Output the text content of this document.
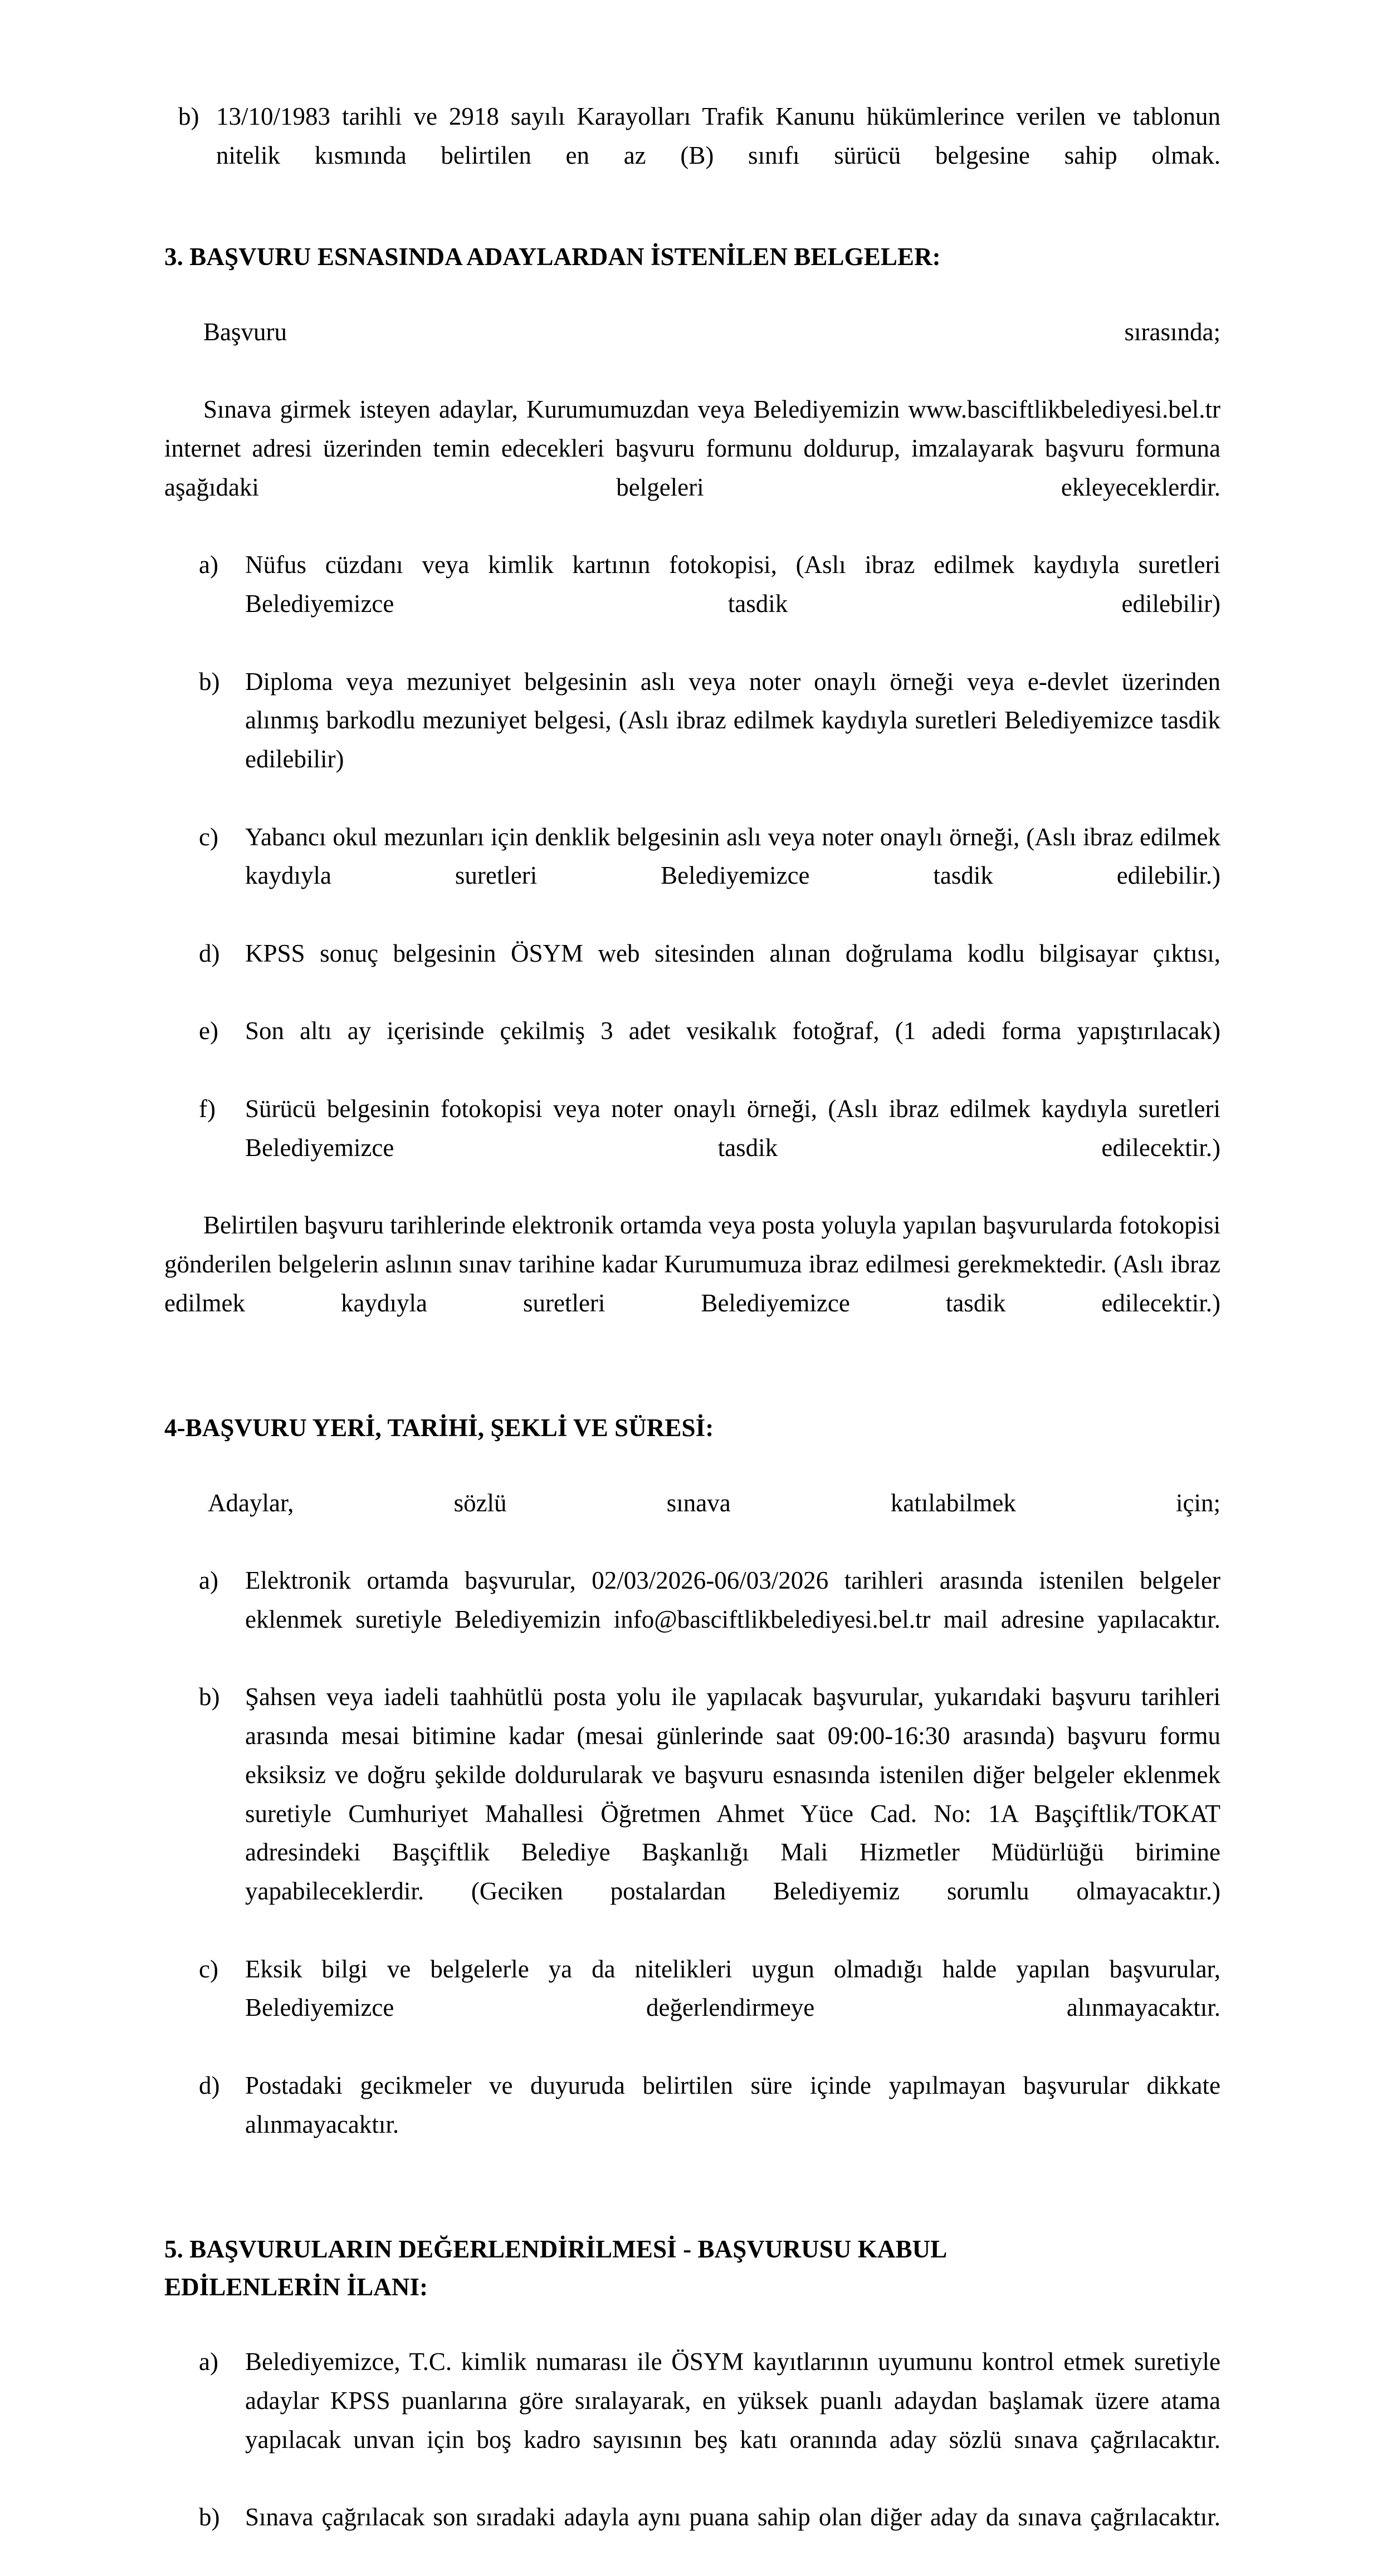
b) 13/10/1983 tarihli ve 2918 sayılı Karayolları Trafik Kanunu hükümlerince verilen ve tablonun nitelik kısmında belirtilen en az (B) sınıfı sürücü belgesine sahip olmak.
3. BAŞVURU ESNASINDA ADAYLARDAN İSTENİLEN BELGELER:

Başvuru sırasında;

Sınava girmek isteyen adaylar, Kurumumuzdan veya Belediyemizin www.basciftlikbelediyesi.bel.tr internet adresi üzerinden temin edecekleri başvuru formunu doldurup, imzalayarak başvuru formuna aşağıdaki belgeleri ekleyeceklerdir.

a)	Nüfus cüzdanı veya kimlik kartının fotokopisi, (Aslı ibraz edilmek kaydıyla suretleri Belediyemizce tasdik edilebilir)
b)	Diploma veya mezuniyet belgesinin aslı veya noter onaylı örneği veya e-devlet üzerinden alınmış barkodlu mezuniyet belgesi, (Aslı ibraz edilmek kaydıyla suretleri Belediyemizce tasdik edilebilir)
c)	Yabancı okul mezunları için denklik belgesinin aslı veya noter onaylı örneği, (Aslı ibraz edilmek kaydıyla suretleri Belediyemizce tasdik edilebilir.)
d)	KPSS sonuç belgesinin ÖSYM web sitesinden alınan doğrulama kodlu bilgisayar çıktısı,
e)	Son altı ay içerisinde çekilmiş 3 adet vesikalık fotoğraf, (1 adedi forma yapıştırılacak)
f)	Sürücü belgesinin fotokopisi veya noter onaylı örneği, (Aslı ibraz edilmek kaydıyla suretleri Belediyemizce tasdik edilecektir.)

Belirtilen başvuru tarihlerinde elektronik ortamda veya posta yoluyla yapılan başvurularda fotokopisi gönderilen belgelerin aslının sınav tarihine kadar Kurumumuza ibraz edilmesi gerekmektedir. (Aslı ibraz edilmek kaydıyla suretleri Belediyemizce tasdik edilecektir.)

4-BAŞVURU YERİ, TARİHİ, ŞEKLİ VE SÜRESİ:

Adaylar, sözlü sınava katılabilmek için;

a)	Elektronik ortamda başvurular, 02/03/2026-06/03/2026 tarihleri arasında istenilen belgeler eklenmek suretiyle Belediyemizin info@basciftlikbelediyesi.bel.tr mail adresine yapılacaktır.
b)	Şahsen veya iadeli taahhütlü posta yolu ile yapılacak başvurular, yukarıdaki başvuru tarihleri arasında mesai bitimine kadar (mesai günlerinde saat 09:00-16:30 arasında) başvuru formu eksiksiz ve doğru şekilde doldurularak ve başvuru esnasında istenilen diğer belgeler eklenmek suretiyle Cumhuriyet Mahallesi Öğretmen Ahmet Yüce Cad. No: 1A Başçiftlik/TOKAT adresindeki Başçiftlik Belediye Başkanlığı Mali Hizmetler Müdürlüğü birimine yapabileceklerdir. (Geciken postalardan Belediyemiz sorumlu olmayacaktır.)
c)	Eksik bilgi ve belgelerle ya da nitelikleri uygun olmadığı halde yapılan başvurular, Belediyemizce değerlendirmeye alınmayacaktır.
d)	Postadaki gecikmeler ve duyuruda belirtilen süre içinde yapılmayan başvurular dikkate alınmayacaktır.
5. BAŞVURULARIN DEĞERLENDİRİLMESİ - BAŞVURUSU KABUL
EDİLENLERİN İLANI:
a)	Belediyemizce, T.C. kimlik numarası ile ÖSYM kayıtlarının uyumunu kontrol etmek suretiyle adaylar KPSS puanlarına göre sıralayarak, en yüksek puanlı adaydan başlamak üzere atama yapılacak unvan için boş kadro sayısının beş katı oranında aday sözlü sınava çağrılacaktır.
b)	Sınava çağrılacak son sıradaki adayla aynı puana sahip olan diğer aday da sınava çağrılacaktır.
